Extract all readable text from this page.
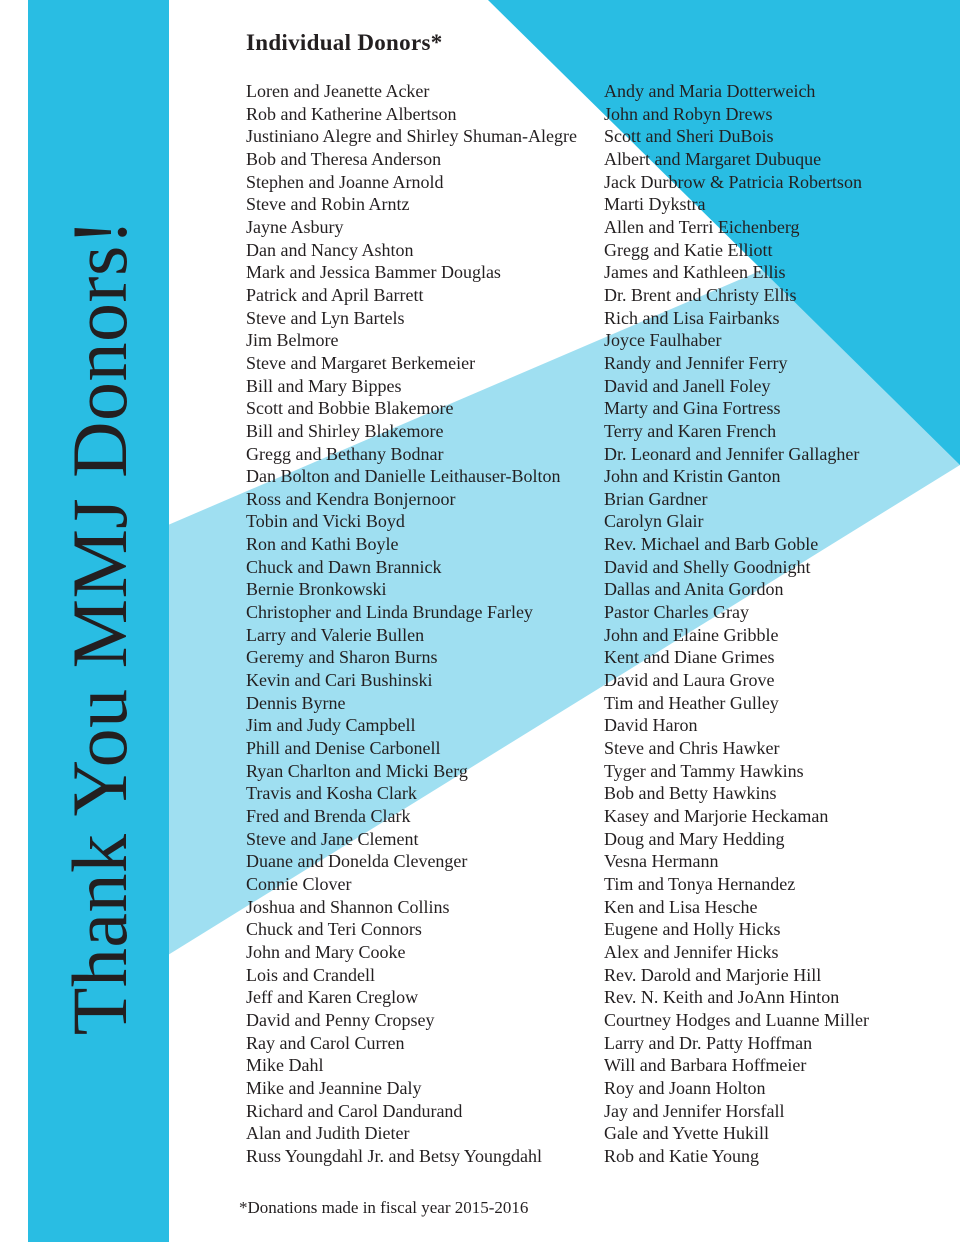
Thank You MMJ Donors!
Individual Donors*
Loren and Jeanette Acker
Rob and Katherine Albertson
Justiniano Alegre and Shirley Shuman-Alegre
Bob and Theresa Anderson
Stephen and Joanne Arnold
Steve and Robin Arntz
Jayne Asbury
Dan and Nancy Ashton
Mark and Jessica Bammer Douglas
Patrick and April Barrett
Steve and Lyn Bartels
Jim Belmore
Steve and Margaret Berkemeier
Bill and Mary Bippes
Scott and Bobbie Blakemore
Bill and Shirley Blakemore
Gregg and Bethany Bodnar
Dan Bolton and Danielle Leithauser-Bolton
Ross and Kendra Bonjernoor
Tobin and Vicki Boyd
Ron and Kathi Boyle
Chuck and Dawn Brannick
Bernie Bronkowski
Christopher and Linda Brundage Farley
Larry and Valerie Bullen
Geremy and Sharon Burns
Kevin and Cari Bushinski
Dennis Byrne
Jim and Judy Campbell
Phill and Denise Carbonell
Ryan Charlton and Micki Berg
Travis and Kosha Clark
Fred and Brenda Clark
Steve and Jane Clement
Duane and Donelda Clevenger
Connie Clover
Joshua and Shannon Collins
Chuck and Teri Connors
John and Mary Cooke
Lois and Crandell
Jeff and Karen Creglow
David and Penny Cropsey
Ray and Carol Curren
Mike Dahl
Mike and Jeannine Daly
Richard and Carol Dandurand
Alan and Judith Dieter
Russ Youngdahl Jr. and Betsy Youngdahl
Andy and Maria Dotterweich
John and Robyn Drews
Scott and Sheri DuBois
Albert and Margaret Dubuque
Jack Durbrow & Patricia Robertson
Marti Dykstra
Allen and Terri Eichenberg
Gregg and Katie Elliott
James and Kathleen Ellis
Dr. Brent and Christy Ellis
Rich and Lisa Fairbanks
Joyce Faulhaber
Randy and Jennifer Ferry
David and Janell Foley
Marty and Gina Fortress
Terry and Karen French
Dr. Leonard and Jennifer Gallagher
John and Kristin Ganton
Brian Gardner
Carolyn Glair
Rev. Michael and Barb Goble
David and Shelly Goodnight
Dallas and Anita Gordon
Pastor Charles Gray
John and Elaine Gribble
Kent and Diane Grimes
David and Laura Grove
Tim and Heather Gulley
David Haron
Steve and Chris Hawker
Tyger and Tammy Hawkins
Bob and Betty Hawkins
Kasey and Marjorie Heckaman
Doug and Mary Hedding
Vesna Hermann
Tim and Tonya Hernandez
Ken and Lisa Hesche
Eugene and Holly Hicks
Alex and Jennifer Hicks
Rev. Darold and Marjorie Hill
Rev. N. Keith and JoAnn Hinton
Courtney Hodges and Luanne Miller
Larry and Dr. Patty Hoffman
Will and Barbara Hoffmeier
Roy and Joann Holton
Jay and Jennifer Horsfall
Gale and Yvette Hukill
Rob and Katie Young

*Donations made in fiscal year 2015-2016
